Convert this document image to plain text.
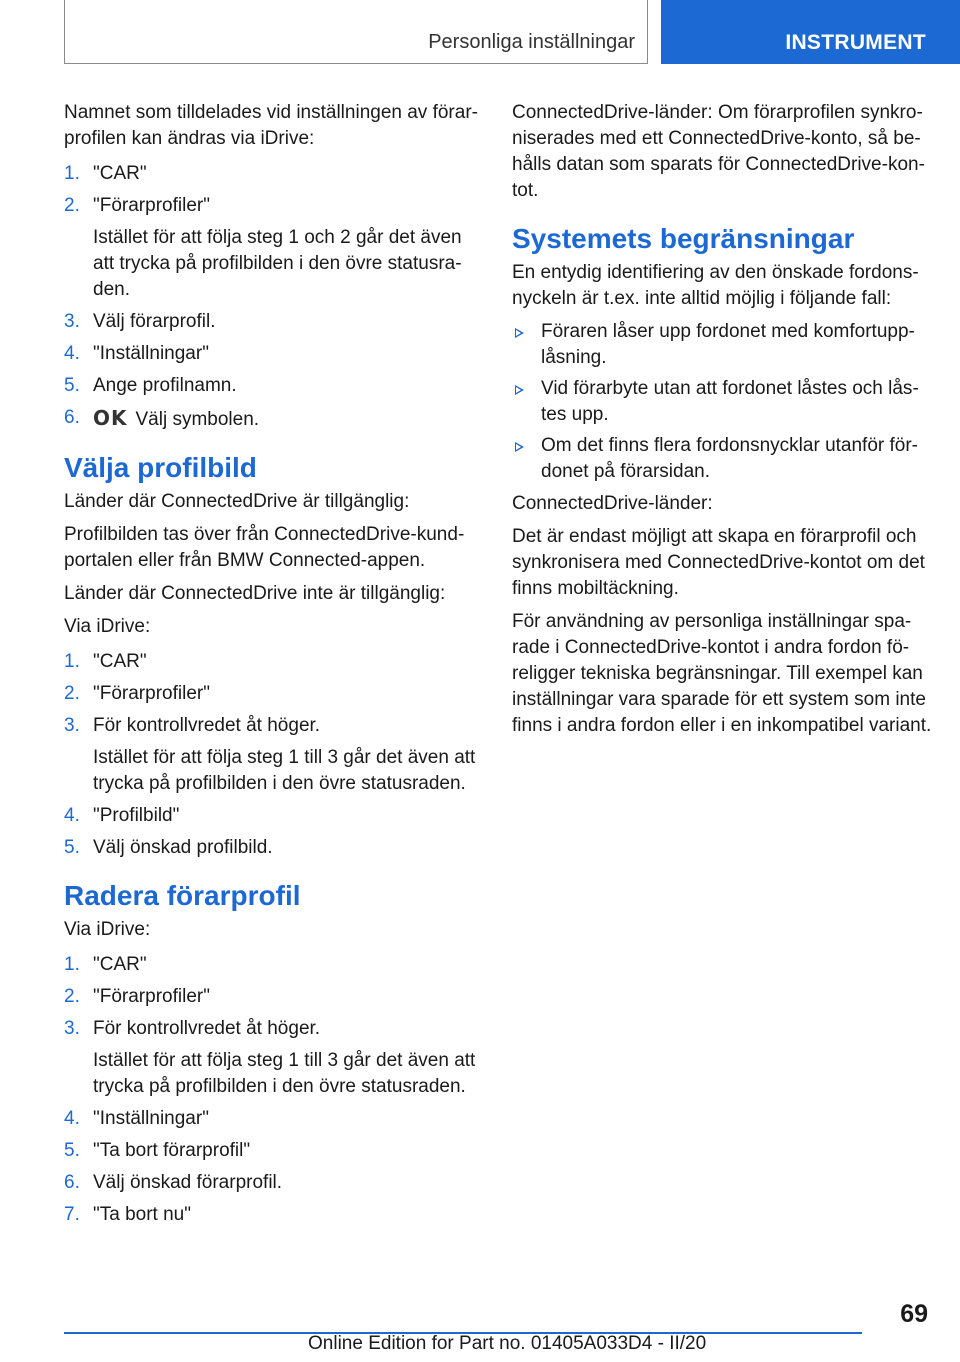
Personliga inställningar	INSTRUMENT

Namnet som tilldelades vid inställningen av förarprofilen kan ändras via iDrive:

1. "CAR"
2. "Förarprofiler"
Istället för att följa steg 1 och 2 går det även att trycka på profilbilden i den övre statusraden.
3. Välj förarprofil.
4. "Inställningar"
5. Ange profilnamn.
6. OK Välj symbolen.
Välja profilbild

Länder där ConnectedDrive är tillgänglig:

Profilbilden tas över från ConnectedDrive-kundportalen eller från BMW Connected-appen.

Länder där ConnectedDrive inte är tillgänglig:

Via iDrive:

1. "CAR"
2. "Förarprofiler"
3. För kontrollvredet åt höger.
Istället för att följa steg 1 till 3 går det även att trycka på profilbilden i den övre statusraden.
4. "Profilbild"
5. Välj önskad profilbild.
Radera förarprofil

Via iDrive:

1. "CAR"
2. "Förarprofiler"
3. För kontrollvredet åt höger.
Istället för att följa steg 1 till 3 går det även att trycka på profilbilden i den övre statusraden.
4. "Inställningar"
5. "Ta bort förarprofil"
6. Välj önskad förarprofil.
7. "Ta bort nu"

ConnectedDrive-länder: Om förarprofilen synkroniserades med ett ConnectedDrive-konto, så behålls datan som sparats för ConnectedDrive-kontot.

Systemets begränsningar

En entydig identifiering av den önskade fordonsnyckeln är t.ex. inte alltid möjlig i följande fall:

Föraren låser upp fordonet med komfortupplåsning.
Vid förarbyte utan att fordonet låstes och låstes upp.
Om det finns flera fordonsnycklar utanför fördonet på förarsidan.

ConnectedDrive-länder:

Det är endast möjligt att skapa en förarprofil och synkronisera med ConnectedDrive-kontot om det finns mobiltäckning.

För användning av personliga inställningar sparade i ConnectedDrive-kontot i andra fordon föreligger tekniska begränsningar. Till exempel kan inställningar vara sparade för ett system som inte finns i andra fordon eller i en inkompatibel variant.

69
Online Edition for Part no. 01405A033D4 - II/20
